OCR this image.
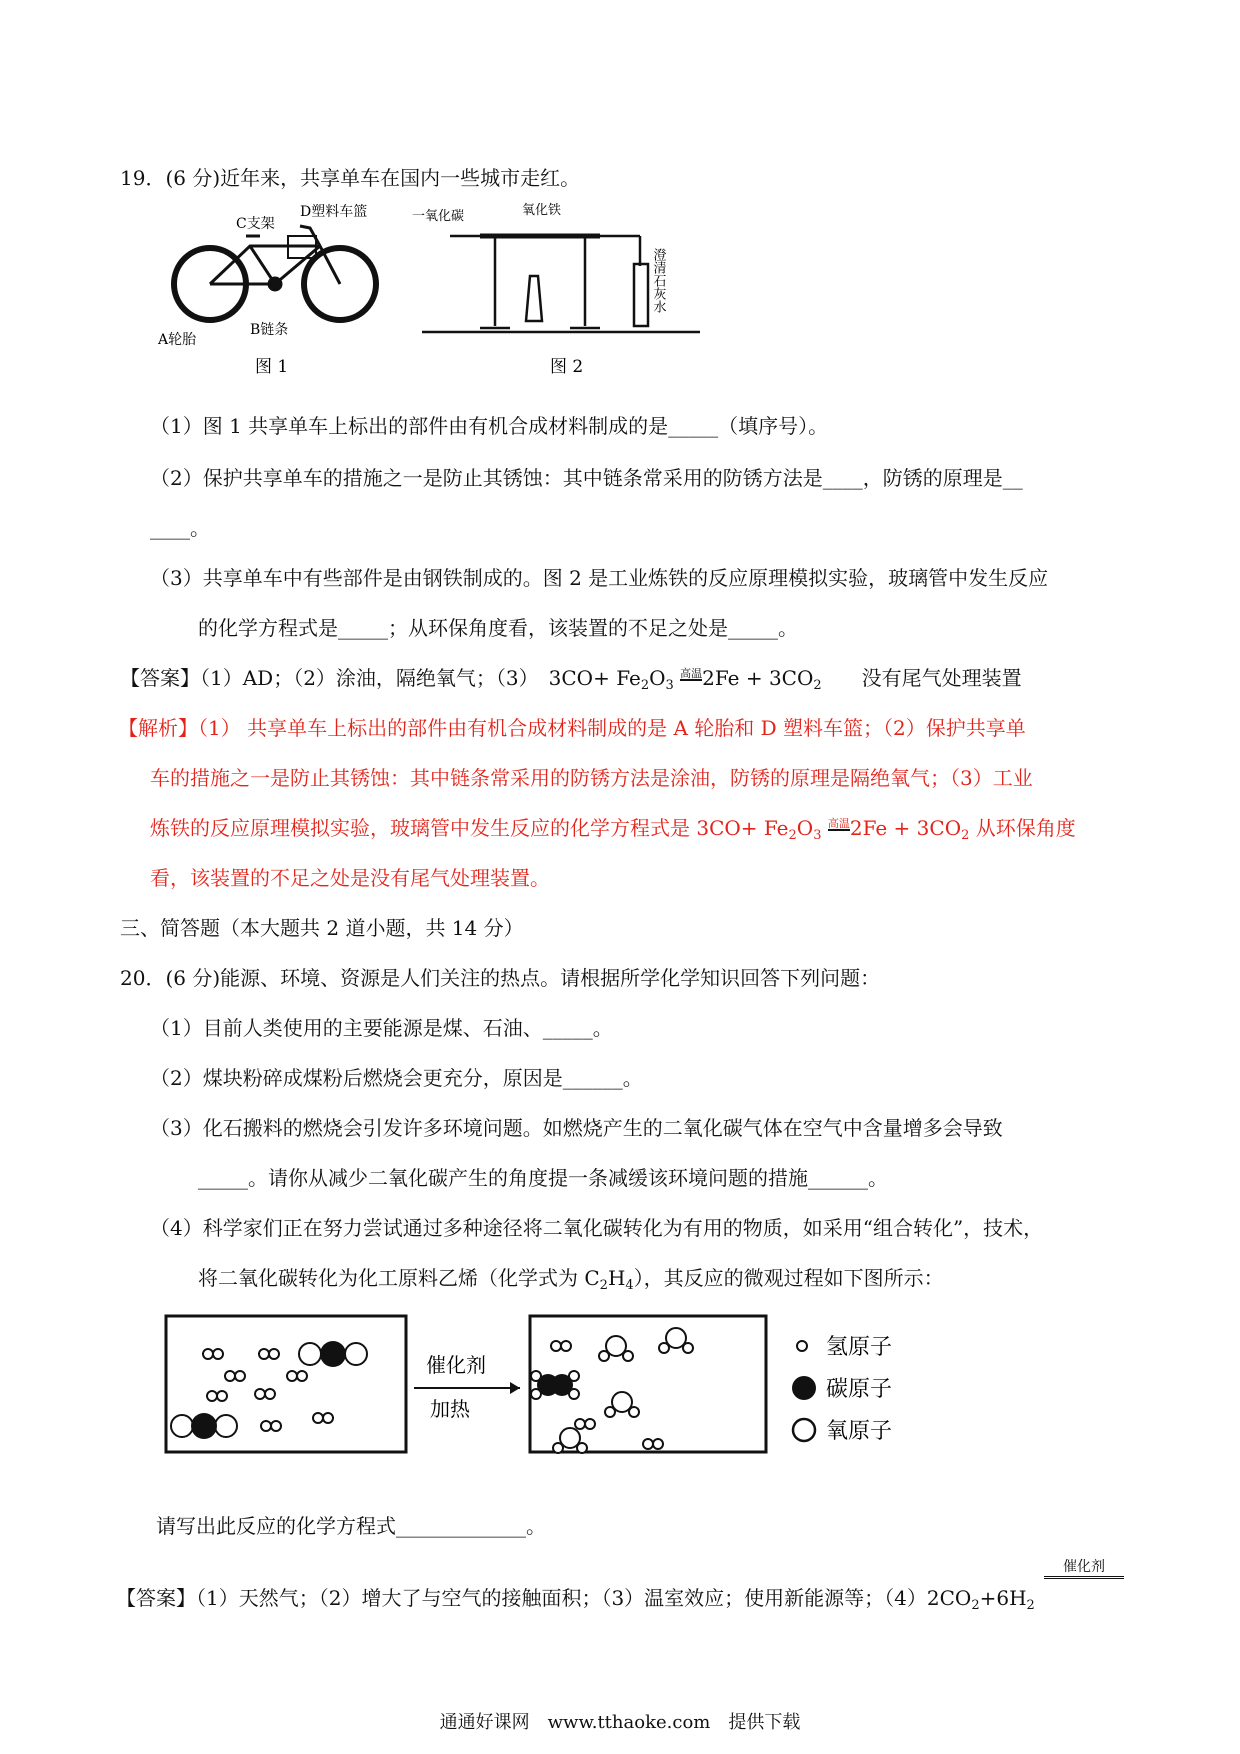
19．(6 分)近年来，共享单车在国内一些城市走红。
C支架
D塑料车篮
A轮胎
B链条
图 1
一氧化碳	氧化铁
澄清石灰水
图 2
（1）图 1 共享单车上标出的部件由有机合成材料制成的是_____（填序号）。
（2）保护共享单车的措施之一是防止其锈蚀：其中链条常采用的防锈方法是____，防锈的原理是__
____。
（3）共享单车中有些部件是由钢铁制成的。图 2 是工业炼铁的反应原理模拟实验，玻璃管中发生反应
的化学方程式是_____；从环保角度看，该装置的不足之处是_____。
【答案】（1）AD；（2）涂油，隔绝氧气；（3）　$3CO+ Fe_2O_3$ 高温$2Fe + 3CO_2$　　没有尾气处理装置
【解析】（1） 共享单车上标出的部件由有机合成材料制成的是 A 轮胎和 D 塑料车篮；（2）保护共享单
车的措施之一是防止其锈蚀：其中链条常采用的防锈方法是涂油，防锈的原理是隔绝氧气；（3）工业
炼铁的反应原理模拟实验，玻璃管中发生反应的化学方程式是 $3CO+ Fe_2O_3$ 高温$2Fe + 3CO_2$ 从环保角度
看，该装置的不足之处是没有尾气处理装置。
三、简答题（本大题共 2 道小题，共 14 分）
20．(6 分)能源、环境、资源是人们关注的热点。请根据所学化学知识回答下列问题：
（1）目前人类使用的主要能源是煤、石油、_____。
（2）煤块粉碎成煤粉后燃烧会更充分，原因是______。
（3）化石搬料的燃烧会引发许多环境问题。如燃烧产生的二氧化碳气体在空气中含量增多会导致
_____。请你从减少二氧化碳产生的角度提一条减缓该环境问题的措施______。
（4）科学家们正在努力尝试通过多种途径将二氧化碳转化为有用的物质，如采用“组合转化”，技术，
将二氧化碳转化为化工原料乙烯（化学式为 $C_2H_4$），其反应的微观过程如下图所示：
催化剂
加热
氢原子
碳原子
氧原子
请写出此反应的化学方程式_____________。
催化剂
【答案】（1）天然气；（2）增大了与空气的接触面积；（3）温室效应；使用新能源等；$(4)2CO_2+6H_2$
通通好课网　www.tthaoke.com　提供下载
